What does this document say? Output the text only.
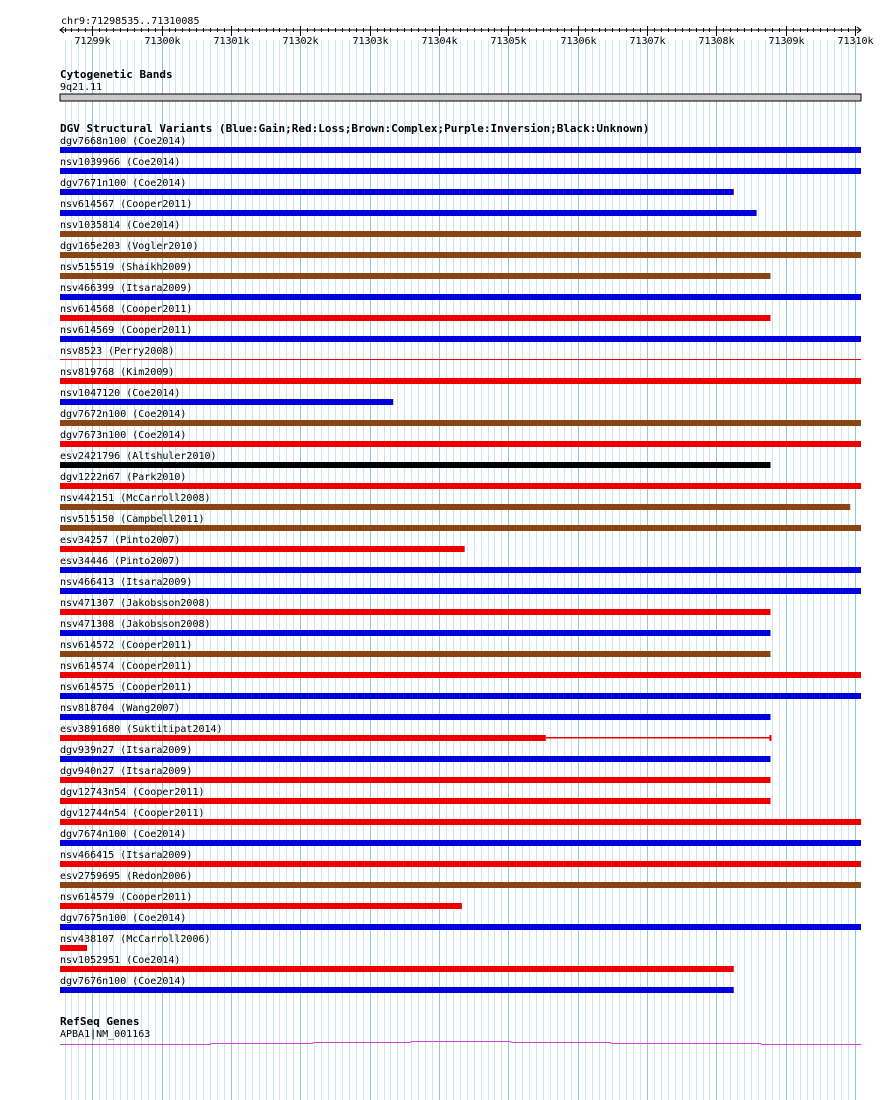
chr9:71298535..71310085
71299k	71300k	71301k	71302k	71303k	71304k	71305k	71306k	71307k	71308k	71309k	71310k
Cytogenetic Bands
9q21.11
DGV Structural Variants (Blue:Gain;Red:Loss;Brown:Complex;Purple:Inversion;Black:Unknown)
dgv7668n100 (Coe2014)
nsv1039966 (Coe2014)
dgv7671n100 (Coe2014)
nsv614567 (Cooper2011)
nsv1035814 (Coe2014)
dgv165e203 (Vogler2010)
nsv515519 (Shaikh2009)
nsv466399 (Itsara2009)
nsv614568 (Cooper2011)
nsv614569 (Cooper2011)
nsv8523 (Perry2008)
nsv819768 (Kim2009)
nsv1047120 (Coe2014)
dgv7672n100 (Coe2014)
dgv7673n100 (Coe2014)
esv2421796 (Altshuler2010)
dgv1222n67 (Park2010)
nsv442151 (McCarroll2008)
nsv515150 (Campbell2011)
esv34257 (Pinto2007)
esv34446 (Pinto2007)
nsv466413 (Itsara2009)
nsv471307 (Jakobsson2008)
nsv471308 (Jakobsson2008)
nsv614572 (Cooper2011)
nsv614574 (Cooper2011)
nsv614575 (Cooper2011)
nsv818704 (Wang2007)
esv3891680 (Suktitipat2014)
dgv939n27 (Itsara2009)
dgv940n27 (Itsara2009)
dgv12743n54 (Cooper2011)
dgv12744n54 (Cooper2011)
dgv7674n100 (Coe2014)
nsv466415 (Itsara2009)
esv2759695 (Redon2006)
nsv614579 (Cooper2011)
dgv7675n100 (Coe2014)
nsv438107 (McCarroll2006)
nsv1052951 (Coe2014)
dgv7676n100 (Coe2014)
RefSeq Genes
APBA1|NM_001163
